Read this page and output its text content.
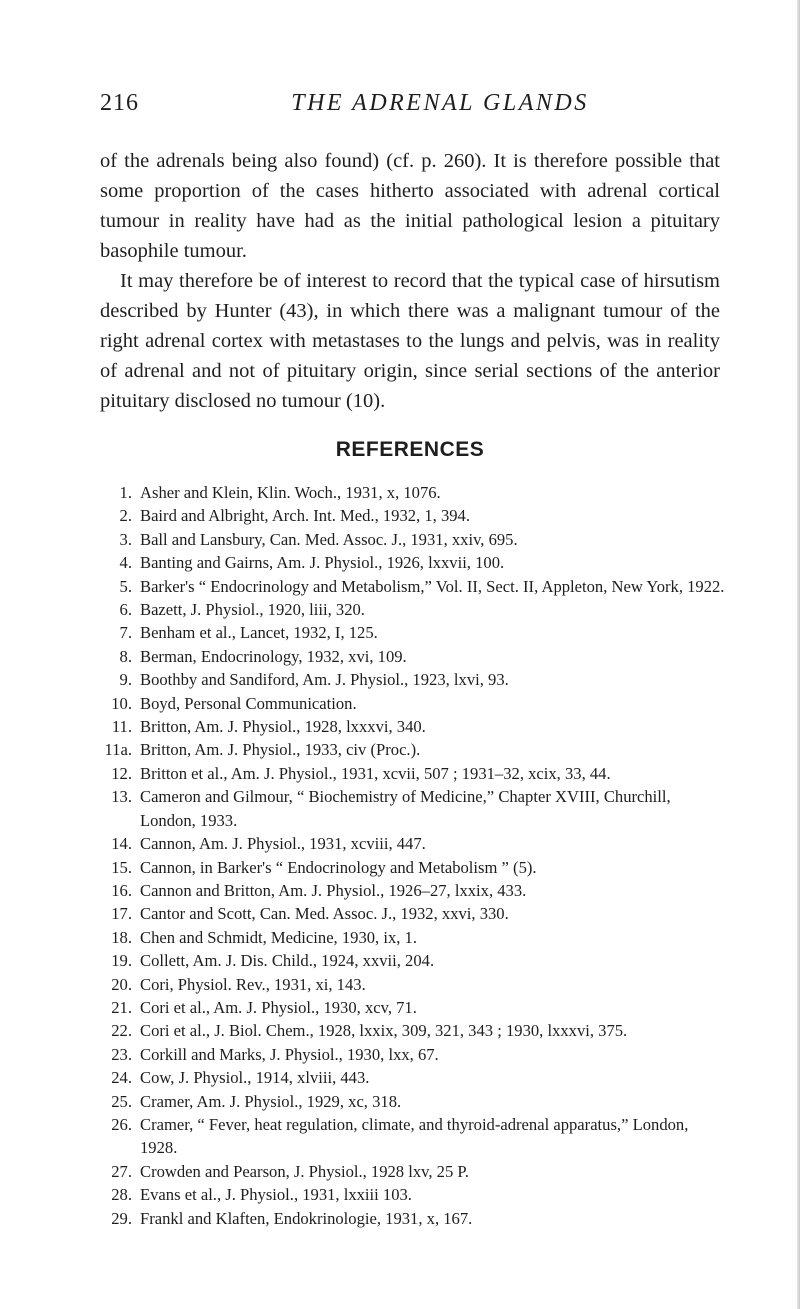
216	THE ADRENAL GLANDS

of the adrenals being also found) (cf. p. 260). It is therefore possible that some proportion of the cases hitherto associated with adrenal cortical tumour in reality have had as the initial pathological lesion a pituitary basophile tumour.

It may therefore be of interest to record that the typical case of hirsutism described by Hunter (43), in which there was a malignant tumour of the right adrenal cortex with metastases to the lungs and pelvis, was in reality of adrenal and not of pituitary origin, since serial sections of the anterior pituitary disclosed no tumour (10).

REFERENCES
1. Asher and Klein, Klin. Woch., 1931, x, 1076.
2. Baird and Albright, Arch. Int. Med., 1932, 1, 394.
3. Ball and Lansbury, Can. Med. Assoc. J., 1931, xxiv, 695.
4. Banting and Gairns, Am. J. Physiol., 1926, lxxvii, 100.
5. Barker's “ Endocrinology and Metabolism,” Vol. II, Sect. II, Appleton, New York, 1922.
6. Bazett, J. Physiol., 1920, liii, 320.
7. Benham et al., Lancet, 1932, I, 125.
8. Berman, Endocrinology, 1932, xvi, 109.
9. Boothby and Sandiford, Am. J. Physiol., 1923, lxvi, 93.
10. Boyd, Personal Communication.
11. Britton, Am. J. Physiol., 1928, lxxxvi, 340.
11a. Britton, Am. J. Physiol., 1933, civ (Proc.).
12. Britton et al., Am. J. Physiol., 1931, xcvii, 507 ; 1931–32, xcix, 33, 44.
13. Cameron and Gilmour, “ Biochemistry of Medicine,” Chapter XVIII, Churchill, London, 1933.
14. Cannon, Am. J. Physiol., 1931, xcviii, 447.
15. Cannon, in Barker's “ Endocrinology and Metabolism ” (5).
16. Cannon and Britton, Am. J. Physiol., 1926–27, lxxix, 433.
17. Cantor and Scott, Can. Med. Assoc. J., 1932, xxvi, 330.
18. Chen and Schmidt, Medicine, 1930, ix, 1.
19. Collett, Am. J. Dis. Child., 1924, xxvii, 204.
20. Cori, Physiol. Rev., 1931, xi, 143.
21. Cori et al., Am. J. Physiol., 1930, xcv, 71.
22. Cori et al., J. Biol. Chem., 1928, lxxix, 309, 321, 343 ; 1930, lxxxvi, 375.
23. Corkill and Marks, J. Physiol., 1930, lxx, 67.
24. Cow, J. Physiol., 1914, xlviii, 443.
25. Cramer, Am. J. Physiol., 1929, xc, 318.
26. Cramer, “ Fever, heat regulation, climate, and thyroid-adrenal apparatus,” London, 1928.
27. Crowden and Pearson, J. Physiol., 1928 lxv, 25 P.
28. Evans et al., J. Physiol., 1931, lxxiii 103.
29. Frankl and Klaften, Endokrinologie, 1931, x, 167.
